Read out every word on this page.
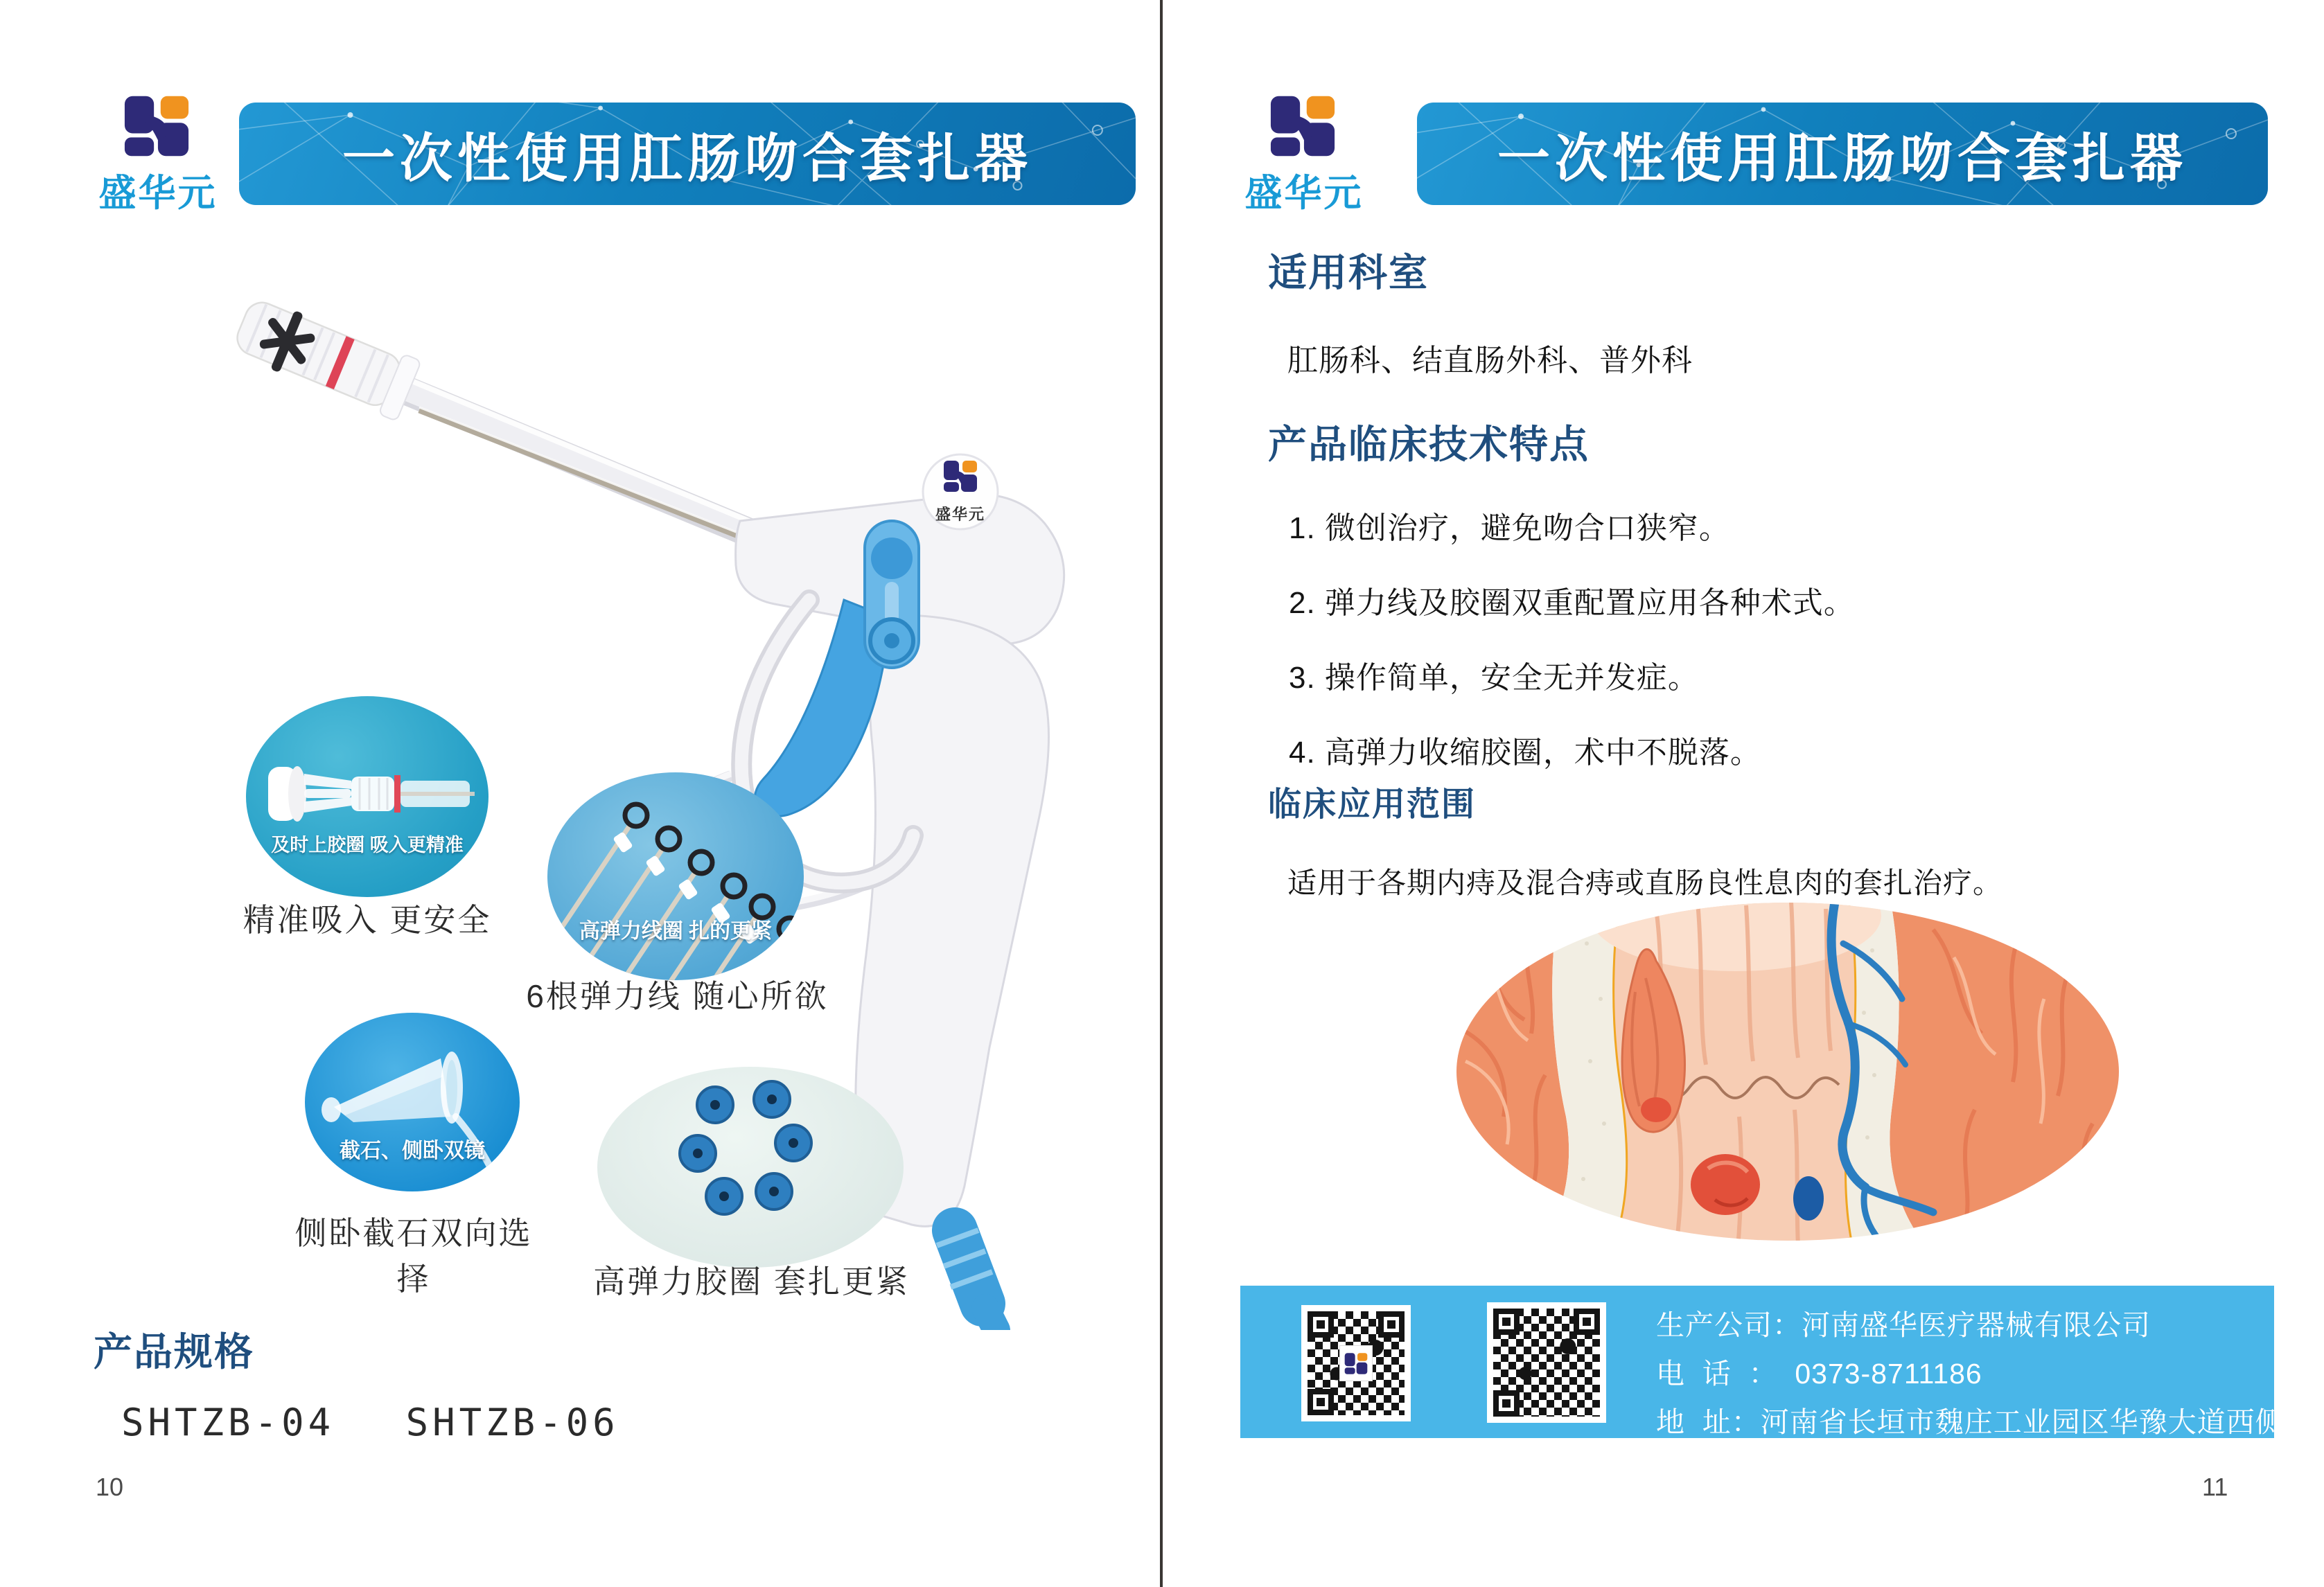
盛华元
一次性使用肛肠吻合套扎器
盛华元
及时上胶圈 吸入更精准
精准吸入 更安全	高弹力线圈 扎的更紧
6根弹力线 随心所欲
截石、侧卧双镜
侧卧截石双向选择	高弹力胶圈 套扎更紧
产品规格
SHTZB-04 SHTZB-06
10
盛华元
一次性使用肛肠吻合套扎器
适用科室
肛肠科、结直肠外科、普外科
产品临床技术特点
1. 微创治疗，避免吻合口狭窄。
2. 弹力线及胶圈双重配置应用各种术式。
3. 操作简单，安全无并发症。
4. 高弹力收缩胶圈，术中不脱落。
临床应用范围
适用于各期内痔及混合痔或直肠良性息肉的套扎治疗。
生产公司：河南盛华医疗器械有限公司
电  话  ：  0373-8711186
地  址：河南省长垣市魏庄工业园区华豫大道西侧
11
